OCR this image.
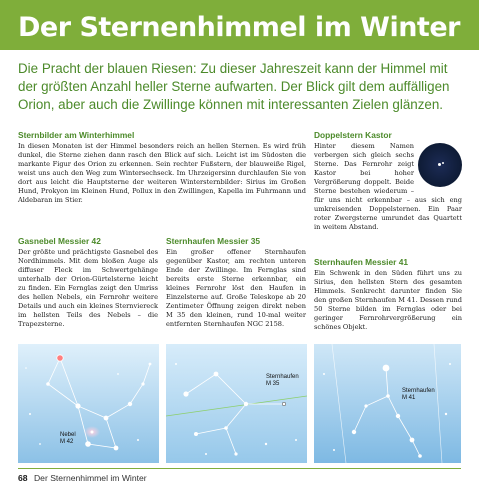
Der Sternenhimmel im Winter
Die Pracht der blauen Riesen: Zu dieser Jahreszeit kann der Himmel mit der größten Anzahl heller Sterne aufwarten. Der Blick gilt dem auffälligen Orion, aber auch die Zwillinge können mit interessanten Zielen glänzen.

Sternbilder am Winterhimmel

In diesen Monaten ist der Himmel besonders reich an hellen Sternen. Es wird früh dunkel, die Sterne ziehen dann rasch den Blick auf sich. Leicht ist im Südosten die markante Figur des Orion zu erkennen. Sein rechter Fußstern, der blauweiße Rigel, weist uns auch den Weg zum Wintersechseck. Im Uhrzeigersinn durchlaufen Sie von dort aus leicht die Hauptsterne der weiteren Wintersternbilder: Sirius im Großen Hund, Prokyon im Kleinen Hund, Pollux in den Zwillingen, Kapella im Fuhrmann und Aldebaran im Stier.

Doppelstern Kastor

Hinter diesem Namen verbergen sich gleich sechs Sterne. Das Fernrohr zeigt Kastor bei hoher Vergrößerung doppelt. Beide Sterne bestehen wiederum – für uns nicht erkennbar – aus sich eng umkreisenden Doppelsternen. Ein Paar roter Zwergsterne umrundet das Quartett in weitem Abstand.

Gasnebel Messier 42

Der größte und prächtigste Gasnebel des Nordhimmels. Mit dem bloßen Auge als diffuser Fleck im Schwertgehänge unterhalb der Orion-Gürtelsterne leicht zu finden. Ein Fernglas zeigt den Umriss des hellen Nebels, ein Fernrohr weitere Details und auch ein kleines Sternviereck im hellsten Teils des Nebels – die Trapezsterne.

Sternhaufen Messier 35

Ein großer offener Sternhaufen gegenüber Kastor, am rechten unteren Ende der Zwillinge. Im Fernglas sind bereits erste Sterne erkennbar, ein kleines Fernrohr löst den Haufen in Einzelsterne auf. Große Teleskope ab 20 Zentimeter Öffnung zeigen direkt neben M 35 den kleinen, rund 10-mal weiter entfernten Sternhaufen NGC 2158.

Sternhaufen Messier 41

Ein Schwenk in den Süden führt uns zu Sirius, den hellsten Stern des gesamten Himmels. Senkrecht darunter finden Sie den großen Sternhaufen M 41. Dessen rund 50 Sterne bilden im Fernglas oder bei geringer Fernrohrvergrößerung ein schönes Objekt.

Nebel
M 42
Sternhaufen
M 35
Sternhaufen
M 41
68 Der Sternenhimmel im Winter
